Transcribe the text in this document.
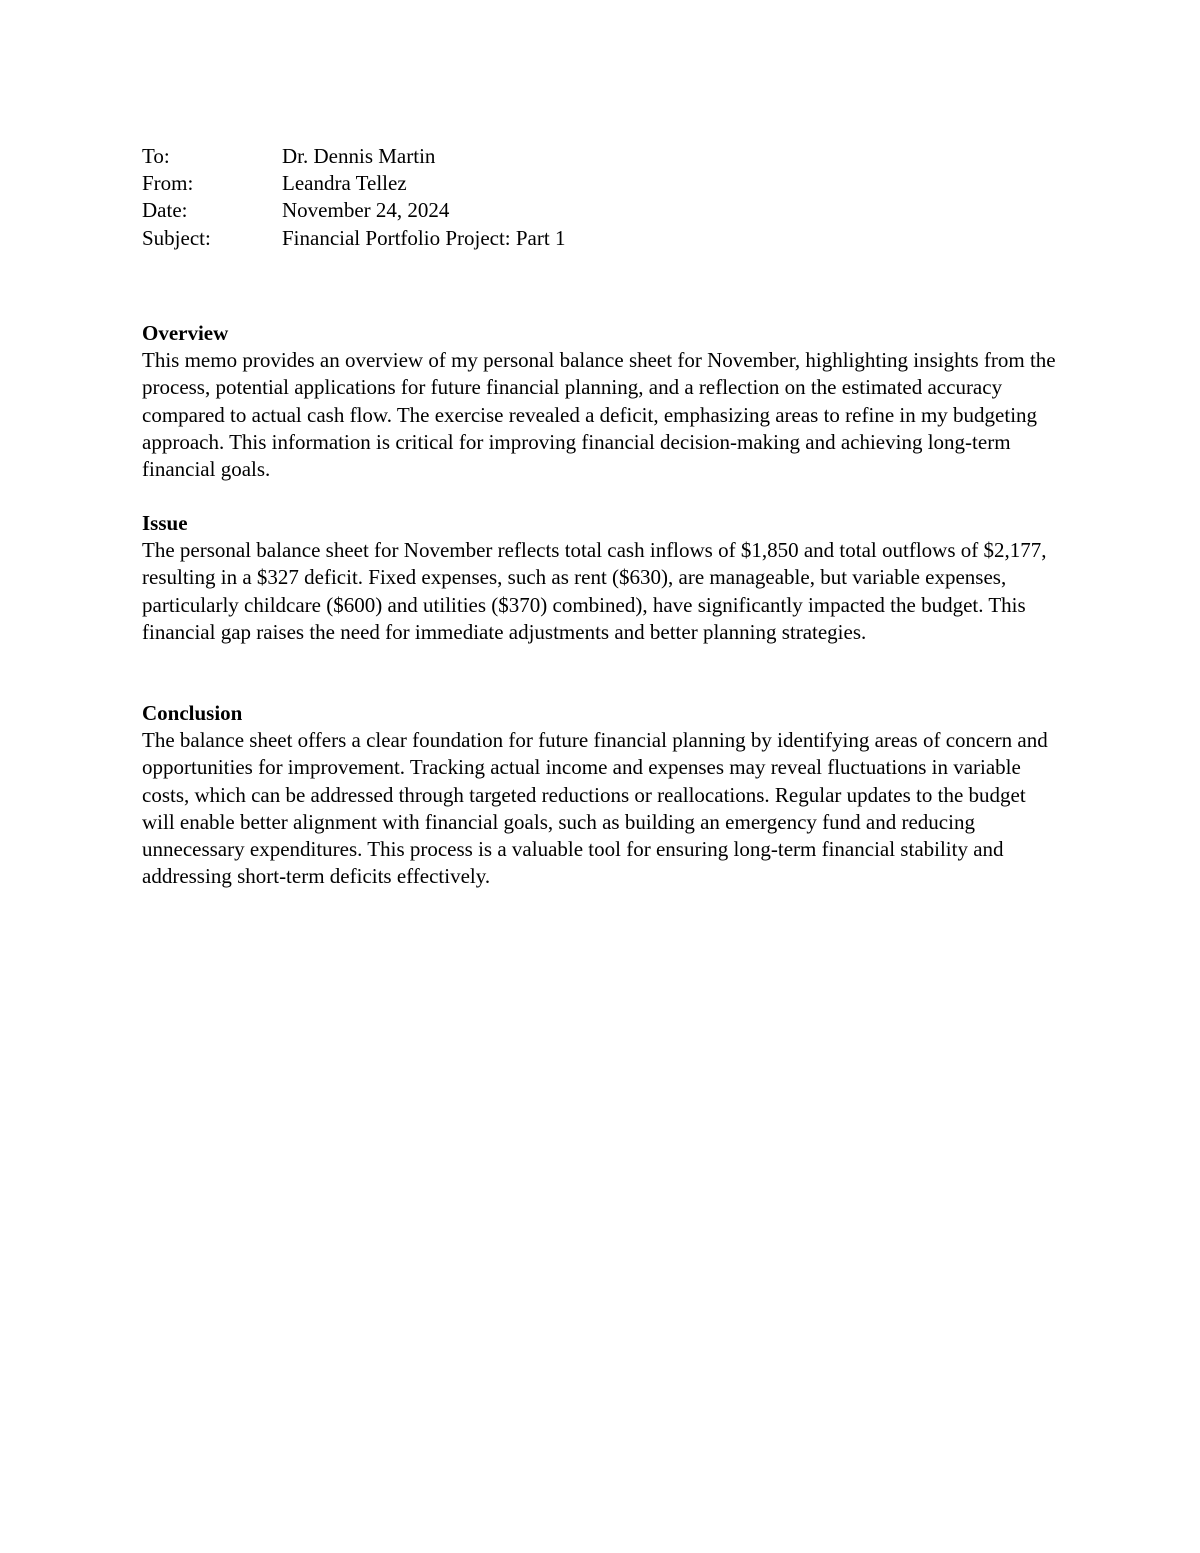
To:	Dr. Dennis Martin
From:	Leandra Tellez
Date:	November 24, 2024
Subject:	Financial Portfolio Project: Part 1

Overview

This memo provides an overview of my personal balance sheet for November, highlighting insights from the process, potential applications for future financial planning, and a reflection on the estimated accuracy compared to actual cash flow. The exercise revealed a deficit, emphasizing areas to refine in my budgeting approach. This information is critical for improving financial decision-making and achieving long-term financial goals.

Issue

The personal balance sheet for November reflects total cash inflows of $1,850 and total outflows of $2,177, resulting in a $327 deficit. Fixed expenses, such as rent ($630), are manageable, but variable expenses, particularly childcare ($600) and utilities ($370) combined), have significantly impacted the budget. This financial gap raises the need for immediate adjustments and better planning strategies.

Conclusion

The balance sheet offers a clear foundation for future financial planning by identifying areas of concern and opportunities for improvement. Tracking actual income and expenses may reveal fluctuations in variable costs, which can be addressed through targeted reductions or reallocations. Regular updates to the budget will enable better alignment with financial goals, such as building an emergency fund and reducing unnecessary expenditures. This process is a valuable tool for ensuring long-term financial stability and addressing short-term deficits effectively.
